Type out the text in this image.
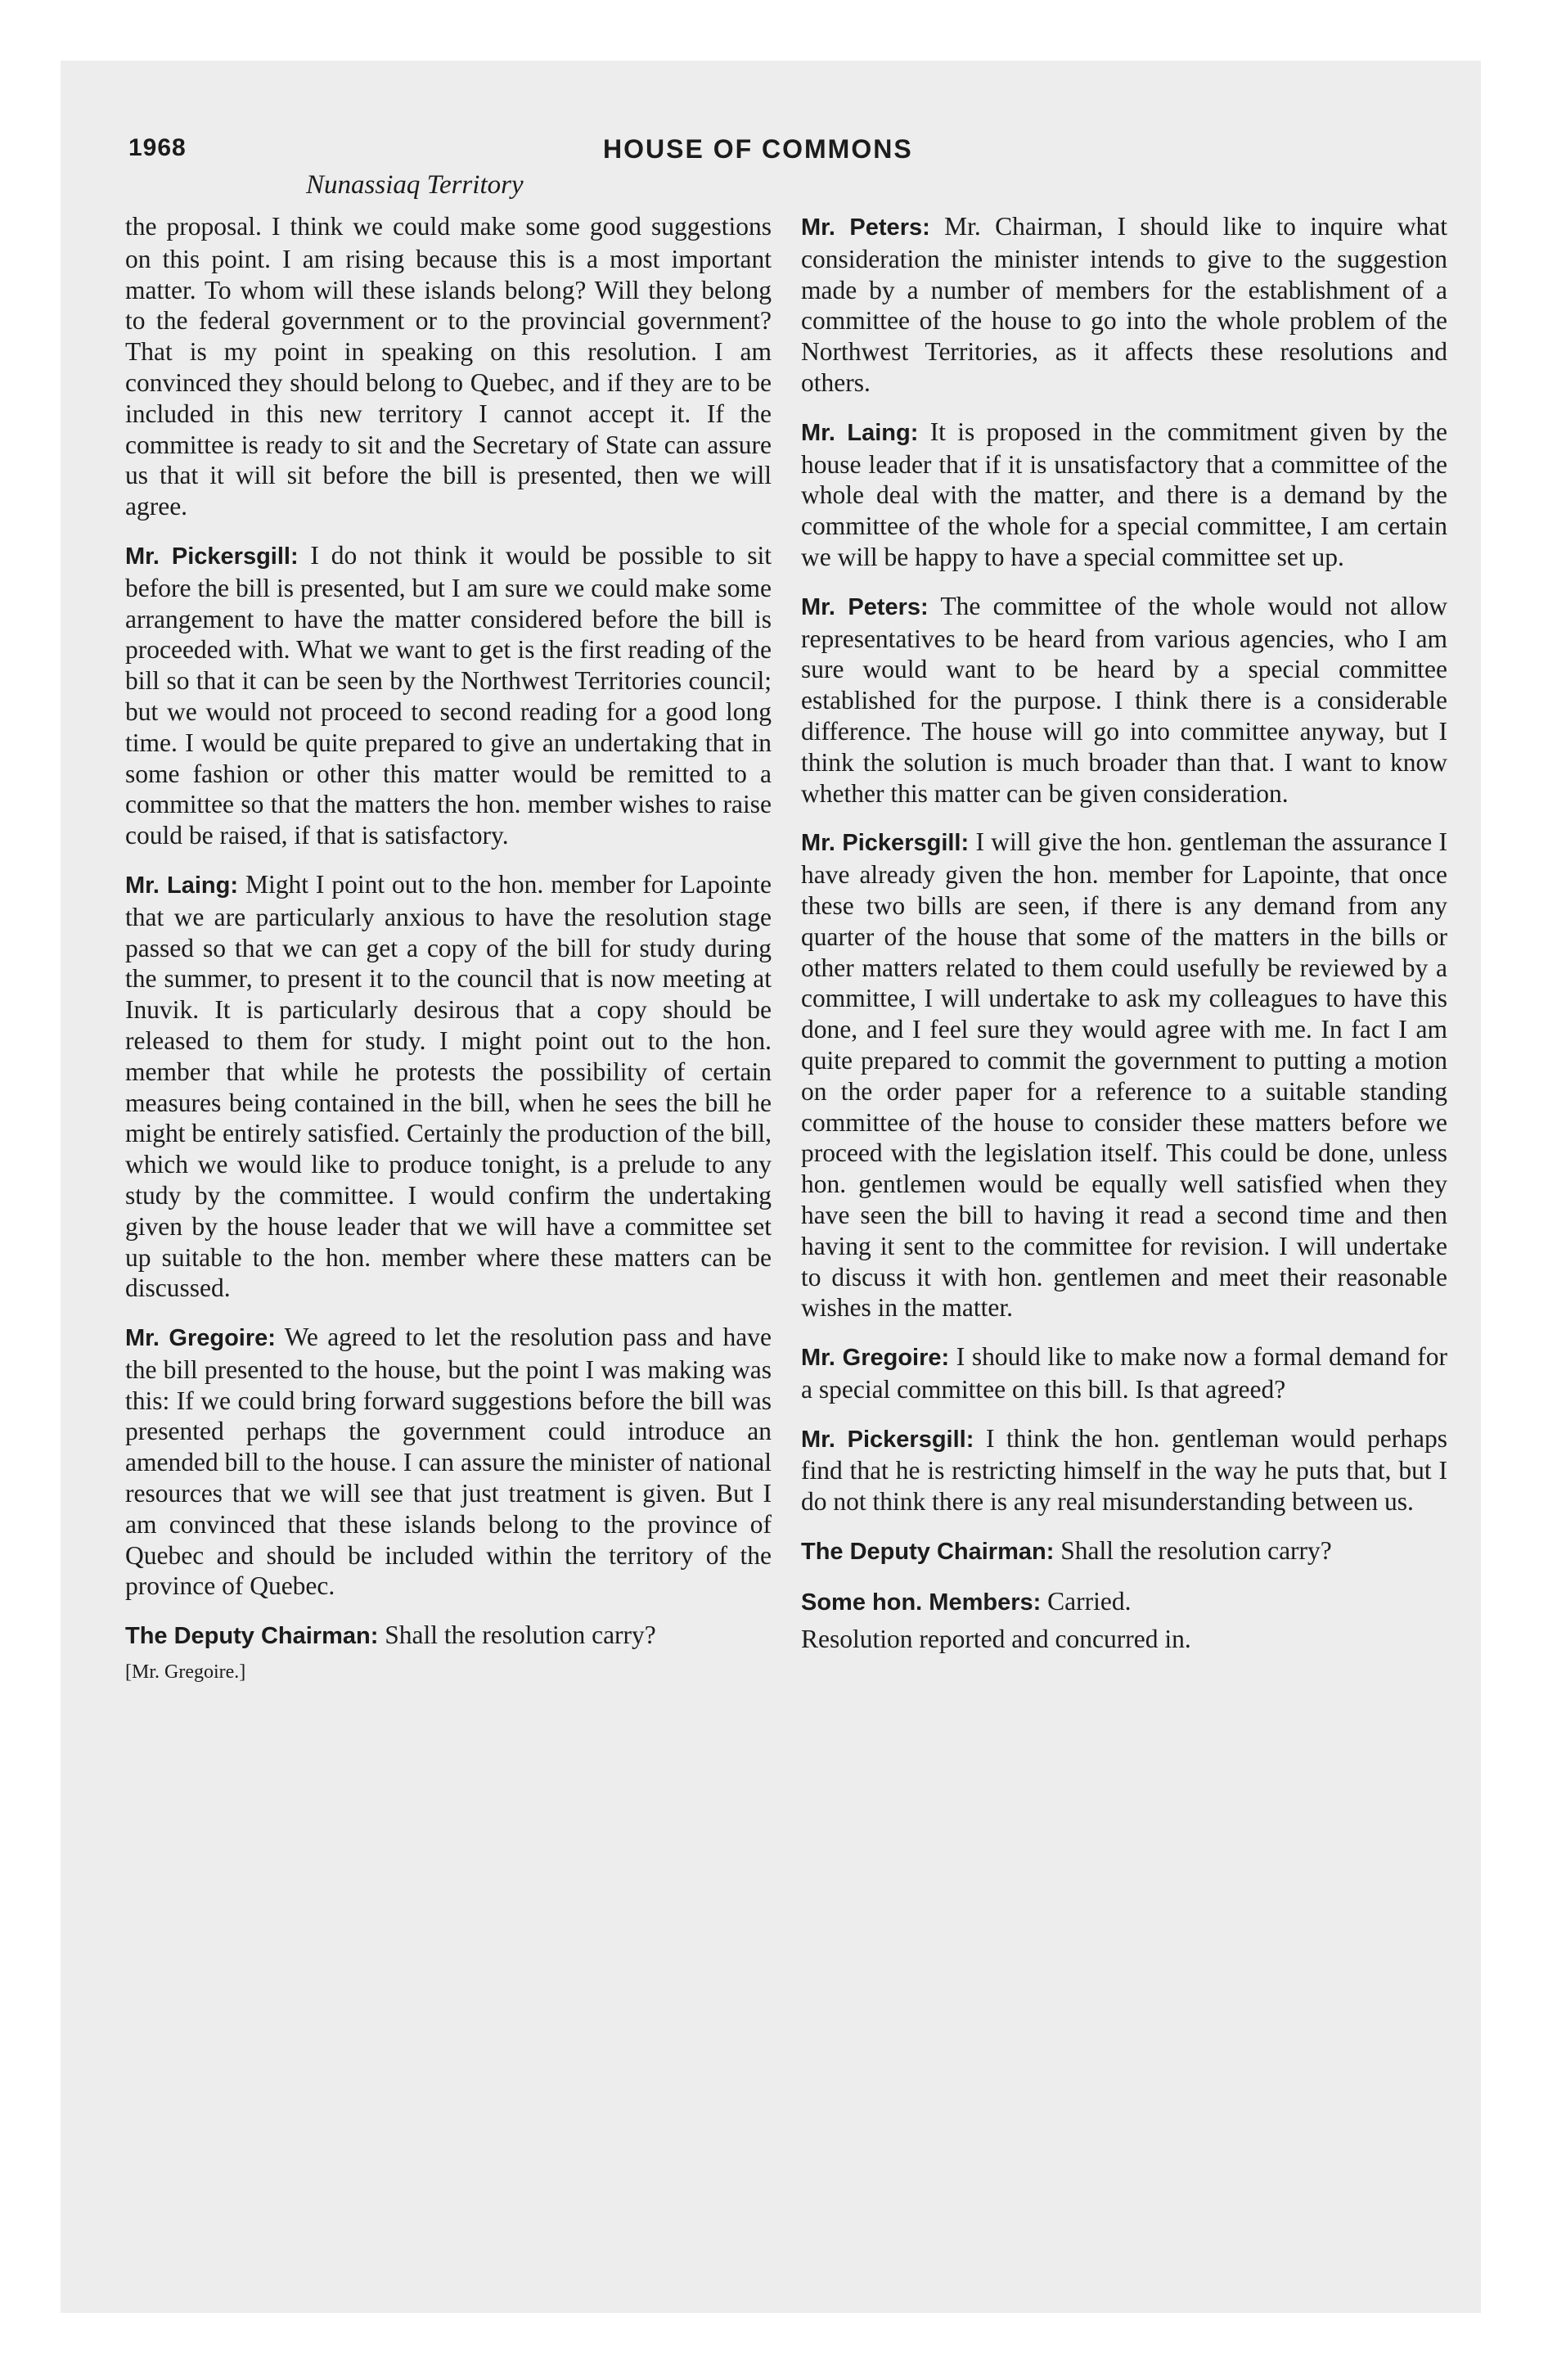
1968	HOUSE OF COMMONS
Nunassiaq Territory

the proposal. I think we could make some good suggestions on this point. I am rising because this is a most important matter. To whom will these islands belong? Will they belong to the federal government or to the provincial government? That is my point in speaking on this resolution. I am convinced they should belong to Quebec, and if they are to be included in this new territory I cannot accept it. If the committee is ready to sit and the Secretary of State can assure us that it will sit before the bill is presented, then we will agree.

Mr. Pickersgill: I do not think it would be possible to sit before the bill is presented, but I am sure we could make some arrangement to have the matter considered before the bill is proceeded with. What we want to get is the first reading of the bill so that it can be seen by the Northwest Territories council; but we would not proceed to second reading for a good long time. I would be quite prepared to give an undertaking that in some fashion or other this matter would be remitted to a committee so that the matters the hon. member wishes to raise could be raised, if that is satisfactory.

Mr. Laing: Might I point out to the hon. member for Lapointe that we are particularly anxious to have the resolution stage passed so that we can get a copy of the bill for study during the summer, to present it to the council that is now meeting at Inuvik. It is particularly desirous that a copy should be released to them for study. I might point out to the hon. member that while he protests the possibility of certain measures being contained in the bill, when he sees the bill he might be entirely satisfied. Certainly the production of the bill, which we would like to produce tonight, is a prelude to any study by the committee. I would confirm the undertaking given by the house leader that we will have a committee set up suitable to the hon. member where these matters can be discussed.

Mr. Gregoire: We agreed to let the resolution pass and have the bill presented to the house, but the point I was making was this: If we could bring forward suggestions before the bill was presented perhaps the government could introduce an amended bill to the house. I can assure the minister of national resources that we will see that just treatment is given. But I am convinced that these islands belong to the province of Quebec and should be included within the territory of the province of Quebec.

The Deputy Chairman: Shall the resolution carry?

[Mr. Gregoire.]

Mr. Peters: Mr. Chairman, I should like to inquire what consideration the minister intends to give to the suggestion made by a number of members for the establishment of a committee of the house to go into the whole problem of the Northwest Territories, as it affects these resolutions and others.

Mr. Laing: It is proposed in the commitment given by the house leader that if it is unsatisfactory that a committee of the whole deal with the matter, and there is a demand by the committee of the whole for a special committee, I am certain we will be happy to have a special committee set up.

Mr. Peters: The committee of the whole would not allow representatives to be heard from various agencies, who I am sure would want to be heard by a special committee established for the purpose. I think there is a considerable difference. The house will go into committee anyway, but I think the solution is much broader than that. I want to know whether this matter can be given consideration.

Mr. Pickersgill: I will give the hon. gentleman the assurance I have already given the hon. member for Lapointe, that once these two bills are seen, if there is any demand from any quarter of the house that some of the matters in the bills or other matters related to them could usefully be reviewed by a committee, I will undertake to ask my colleagues to have this done, and I feel sure they would agree with me. In fact I am quite prepared to commit the government to putting a motion on the order paper for a reference to a suitable standing committee of the house to consider these matters before we proceed with the legislation itself. This could be done, unless hon. gentlemen would be equally well satisfied when they have seen the bill to having it read a second time and then having it sent to the committee for revision. I will undertake to discuss it with hon. gentlemen and meet their reasonable wishes in the matter.

Mr. Gregoire: I should like to make now a formal demand for a special committee on this bill. Is that agreed?

Mr. Pickersgill: I think the hon. gentleman would perhaps find that he is restricting himself in the way he puts that, but I do not think there is any real misunderstanding between us.

The Deputy Chairman: Shall the resolution carry?

Some hon. Members: Carried.

Resolution reported and concurred in.
